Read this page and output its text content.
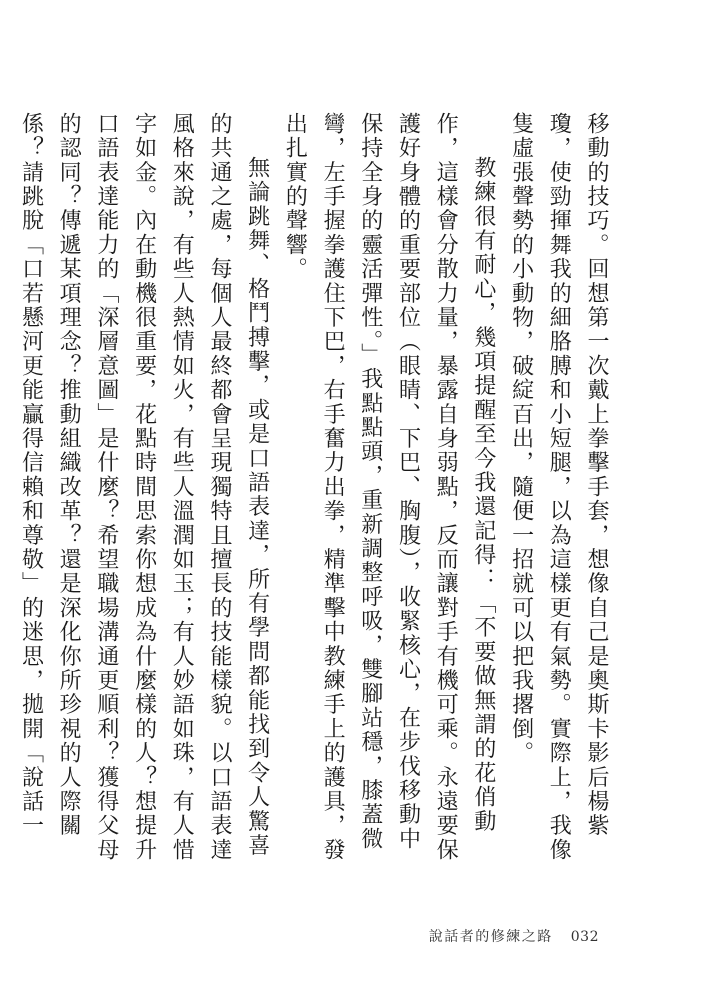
移動的技巧。回想第一次戴上拳擊手套，想像自己是奧斯卡影后楊紫瓊，使勁揮舞我的細胳膊和小短腿，以為這樣更有氣勢。實際上，我像隻虛張聲勢的小動物，破綻百出，隨便一招就可以把我撂倒。

教練很有耐心，幾項提醒至今我還記得：「不要做無謂的花俏動作，這樣會分散力量，暴露自身弱點，反而讓對手有機可乘。永遠要保護好身體的重要部位（眼睛、下巴、胸腹），收緊核心，在步伐移動中保持全身的靈活彈性。」我點點頭，重新調整呼吸，雙腳站穩，膝蓋微彎，左手握拳護住下巴，右手奮力出拳，精準擊中教練手上的護具，發出扎實的聲響。

無論跳舞、格鬥搏擊，或是口語表達，所有學問都能找到令人驚喜的共通之處，每個人最終都會呈現獨特且擅長的技能樣貌。以口語表達風格來說，有些人熱情如火，有些人溫潤如玉；有人妙語如珠，有人惜字如金。內在動機很重要，花點時間思索你想成為什麼樣的人？想提升口語表達能力的「深層意圖」是什麼？希望職場溝通更順利？獲得父母的認同？傳遞某項理念？推動組織改革？還是深化你所珍視的人際關係？請跳脫「口若懸河更能贏得信賴和尊敬」的迷思，拋開「說話一

說話者的修練之路 032
